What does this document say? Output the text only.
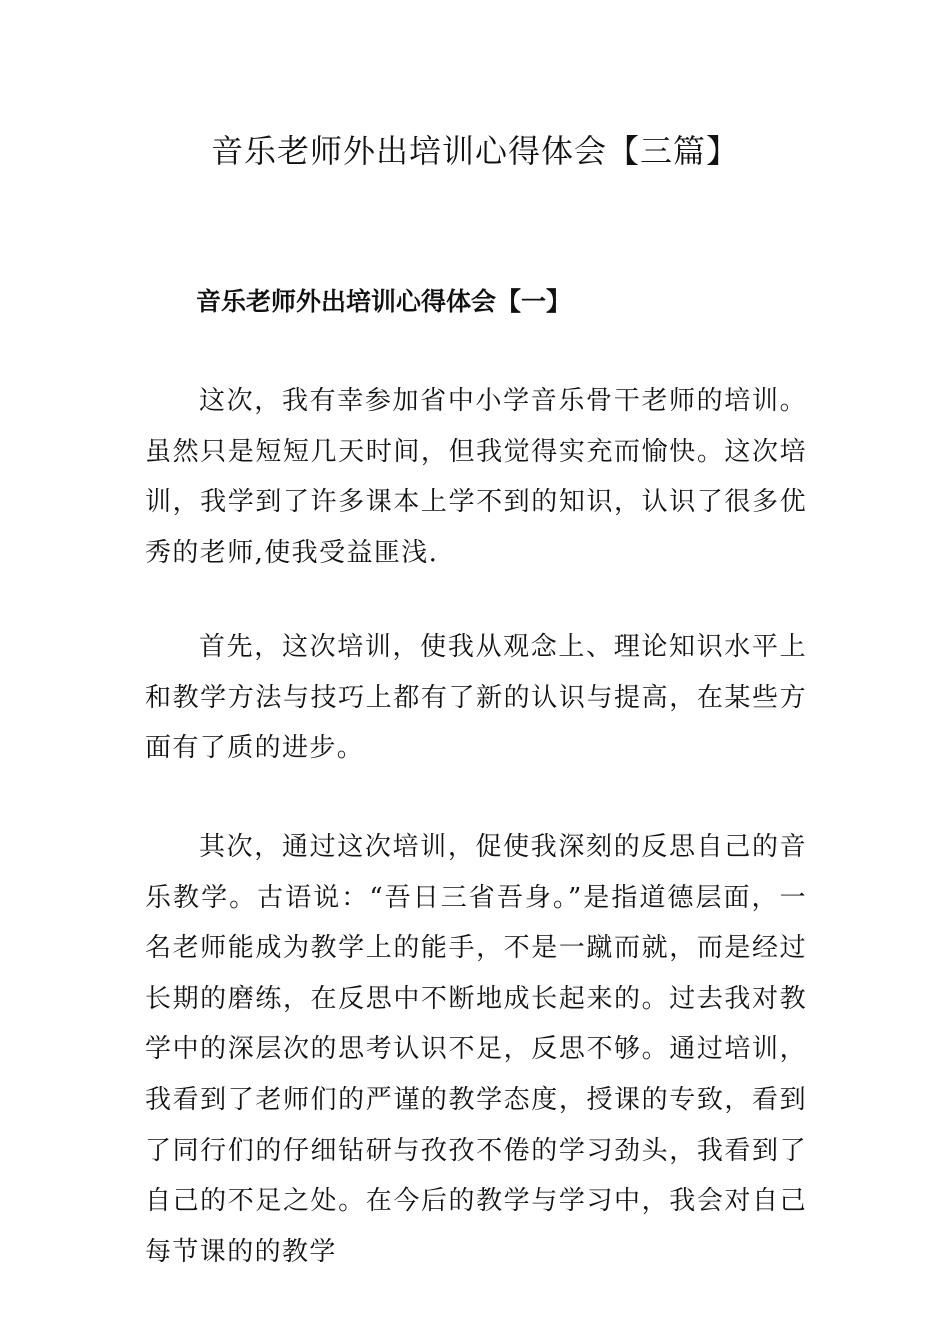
音乐老师外出培训心得体会【三篇】
音乐老师外出培训心得体会【一】

这次，我有幸参加省中小学音乐骨干老师的培训。虽然只是短短几天时间，但我觉得实充而愉快。这次培训，我学到了许多课本上学不到的知识，认识了很多优秀的老师,使我受益匪浅.

首先，这次培训，使我从观念上、理论知识水平上和教学方法与技巧上都有了新的认识与提高，在某些方面有了质的进步。

其次，通过这次培训，促使我深刻的反思自己的音乐教学。古语说：“吾日三省吾身。”是指道德层面，一名老师能成为教学上的能手，不是一蹴而就，而是经过长期的磨练，在反思中不断地成长起来的。过去我对教学中的深层次的思考认识不足，反思不够。通过培训，我看到了老师们的严谨的教学态度，授课的专致，看到了同行们的仔细钻研与孜孜不倦的学习劲头，我看到了自己的不足之处。在今后的教学与学习中，我会对自己每节课的的教学
